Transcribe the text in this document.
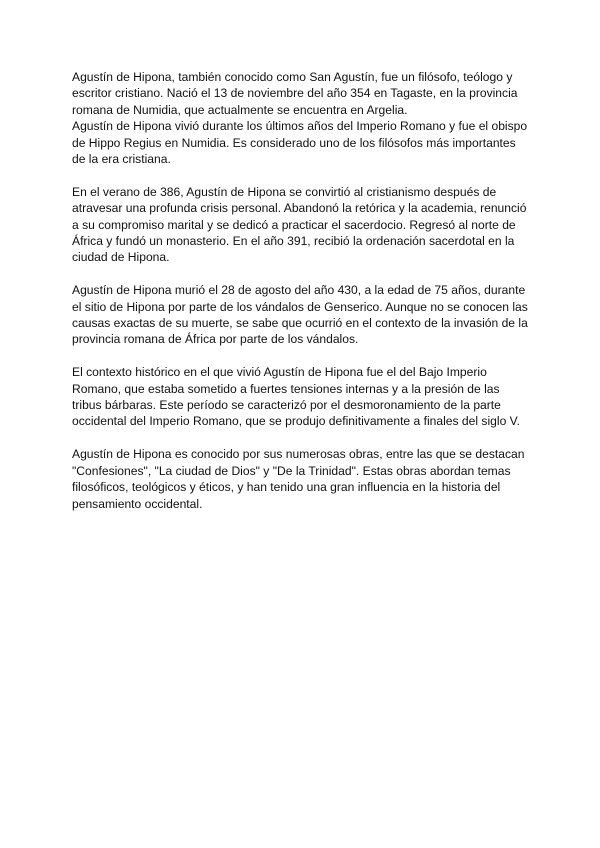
Agustín de Hipona, también conocido como San Agustín, fue un filósofo, teólogo y escritor cristiano. Nació el 13 de noviembre del año 354 en Tagaste, en la provincia romana de Numidia, que actualmente se encuentra en Argelia.

Agustín de Hipona vivió durante los últimos años del Imperio Romano y fue el obispo de Hippo Regius en Numidia. Es considerado uno de los filósofos más importantes de la era cristiana.

En el verano de 386, Agustín de Hipona se convirtió al cristianismo después de atravesar una profunda crisis personal. Abandonó la retórica y la academia, renunció a su compromiso marital y se dedicó a practicar el sacerdocio. Regresó al norte de África y fundó un monasterio. En el año 391, recibió la ordenación sacerdotal en la ciudad de Hipona.

Agustín de Hipona murió el 28 de agosto del año 430, a la edad de 75 años, durante el sitio de Hipona por parte de los vándalos de Genserico. Aunque no se conocen las causas exactas de su muerte, se sabe que ocurrió en el contexto de la invasión de la provincia romana de África por parte de los vándalos.

El contexto histórico en el que vivió Agustín de Hipona fue el del Bajo Imperio Romano, que estaba sometido a fuertes tensiones internas y a la presión de las tribus bárbaras. Este período se caracterizó por el desmoronamiento de la parte occidental del Imperio Romano, que se produjo definitivamente a finales del siglo V.

Agustín de Hipona es conocido por sus numerosas obras, entre las que se destacan "Confesiones", "La ciudad de Dios" y "De la Trinidad". Estas obras abordan temas filosóficos, teológicos y éticos, y han tenido una gran influencia en la historia del pensamiento occidental.
